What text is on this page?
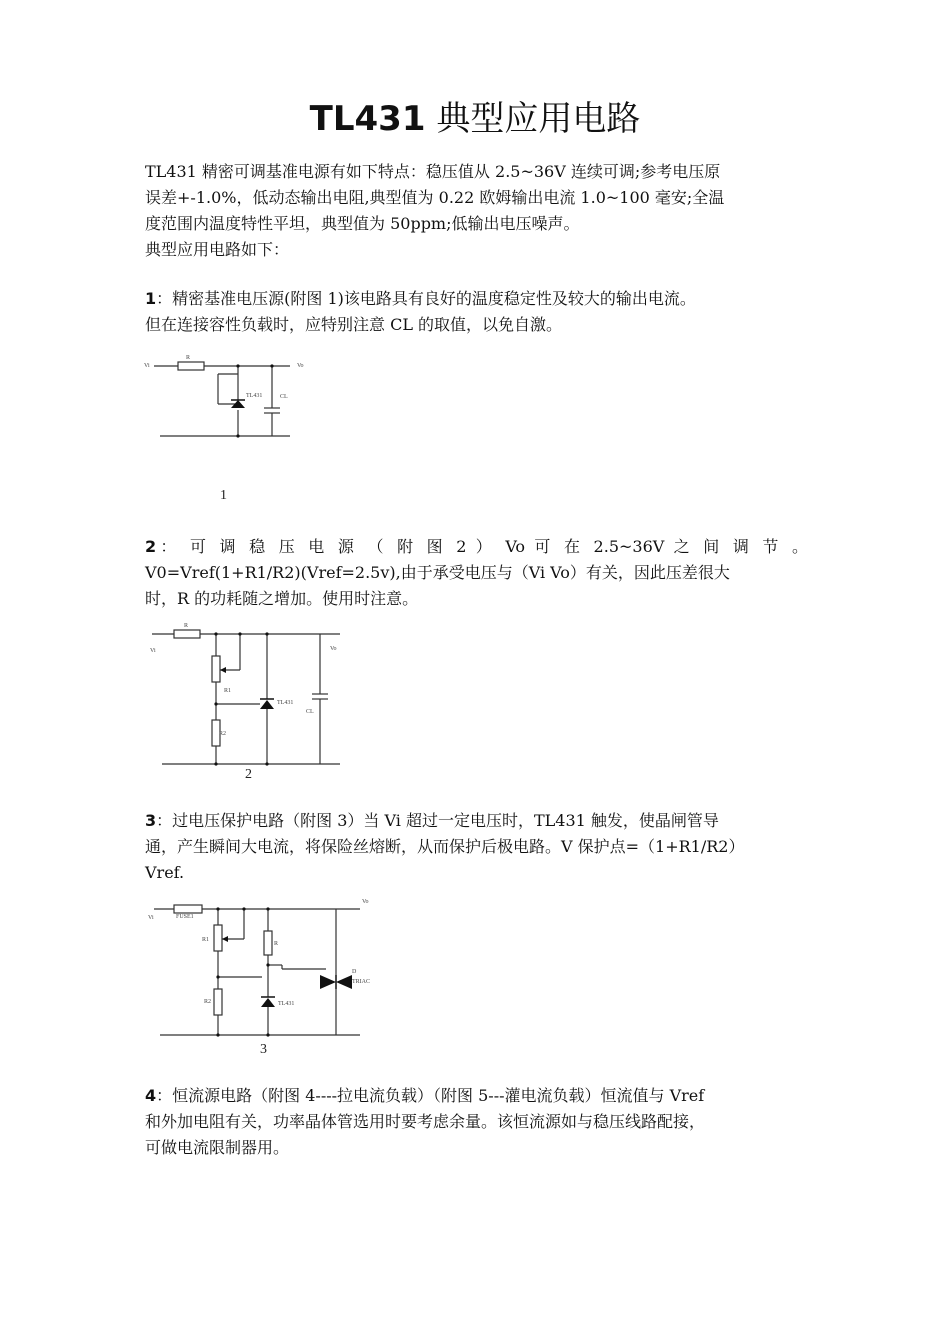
TL431 典型应用电路
TL431 精密可调基准电源有如下特点：稳压值从 2.5~36V 连续可调;参考电压原
误差+-1.0%，低动态输出电阻,典型值为 0.22 欧姆输出电流 1.0~100 毫安;全温
度范围内温度特性平坦，典型值为 50ppm;低输出电压噪声。
典型应用电路如下：
1：精密基准电压源(附图 1)该电路具有良好的温度稳定性及较大的输出电流。
但在连接容性负载时，应特别注意 CL 的取值，以免自激。
Vi
R
Vo
TL431	CL
1
2： 可 调 稳 压 电 源 （ 附 图 2 ） Vo 可 在 2.5~36V 之 间 调 节 。
V0=Vref(1+R1/R2)(Vref=2.5v),由于承受电压与（Vi Vo）有关，因此压差很大
时，R 的功耗随之增加。使用时注意。
Vi
R
Vo
R1
R2
TL431
CL
2
3：过电压保护电路（附图 3）当 Vi 超过一定电压时，TL431 触发，使晶闸管导
通，产生瞬间大电流，将保险丝熔断，从而保护后极电路。V 保护点=（1+R1/R2）
Vref.
Vi	FUSE1
Vo
R1
R2
R
TL431
D
TRIAC
3
4：恒流源电路（附图 4----拉电流负载）（附图 5---灌电流负载）恒流值与 Vref
和外加电阻有关，功率晶体管选用时要考虑余量。该恒流源如与稳压线路配接，
可做电流限制器用。
